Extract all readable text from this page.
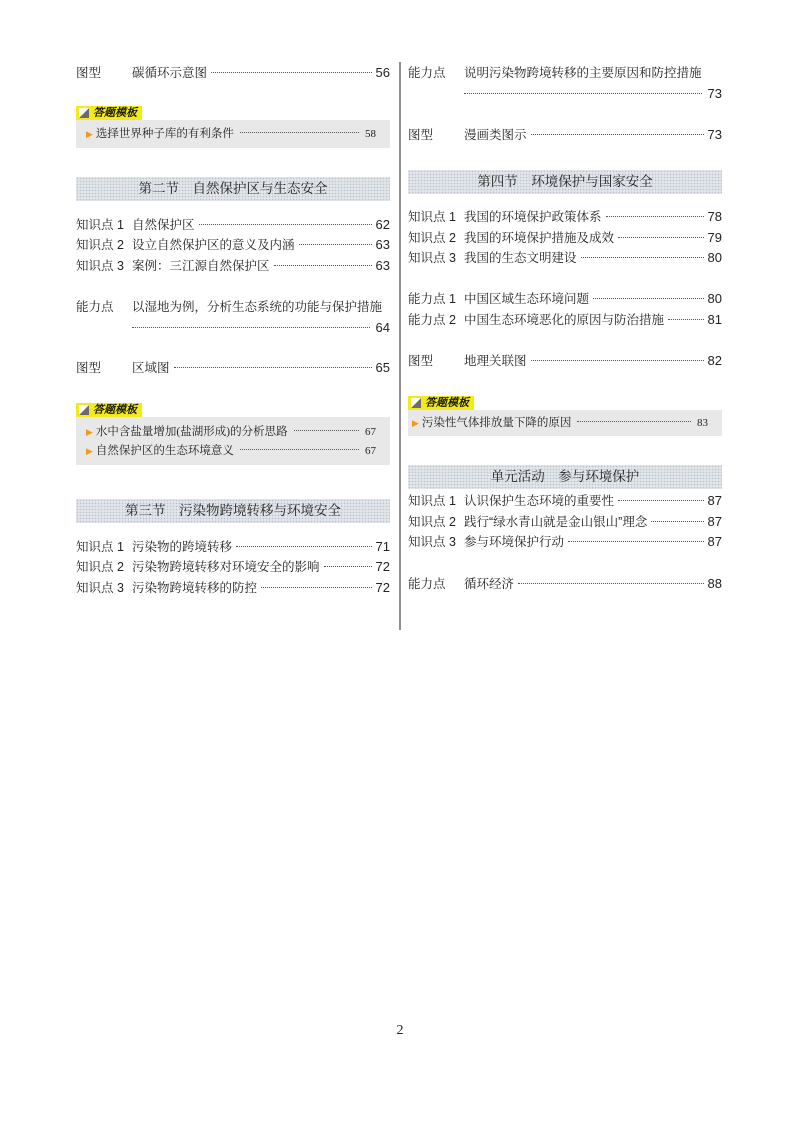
图型	碳循环示意图	56
答题模板
▶ 选择世界种子库的有利条件	58
第二节　自然保护区与生态安全
知识点 1 自然保护区	62
知识点 2 设立自然保护区的意义及内涵	63
知识点 3 案例：三江源自然保护区	63
能力点	以湿地为例，分析生态系统的功能与保护措施
64
图型	区域图	65
答题模板
▶ 水中含盐量增加(盐湖形成)的分析思路	67
▶ 自然保护区的生态环境意义	67
第三节　污染物跨境转移与环境安全
知识点 1 污染物的跨境转移	71
知识点 2 污染物跨境转移对环境安全的影响	72
知识点 3 污染物跨境转移的防控	72
能力点	说明污染物跨境转移的主要原因和防控措施
73
图型	漫画类图示	73
第四节　环境保护与国家安全
知识点 1 我国的环境保护政策体系	78
知识点 2 我国的环境保护措施及成效	79
知识点 3 我国的生态文明建设	80
能力点 1 中国区域生态环境问题	80
能力点 2 中国生态环境恶化的原因与防治措施	81
图型	地理关联图	82
答题模板
▶ 污染性气体排放量下降的原因	83
单元活动　参与环境保护
知识点 1 认识保护生态环境的重要性	87
知识点 2 践行“绿水青山就是金山银山”理念	87
知识点 3 参与环境保护行动	87
能力点	循环经济	88
2
